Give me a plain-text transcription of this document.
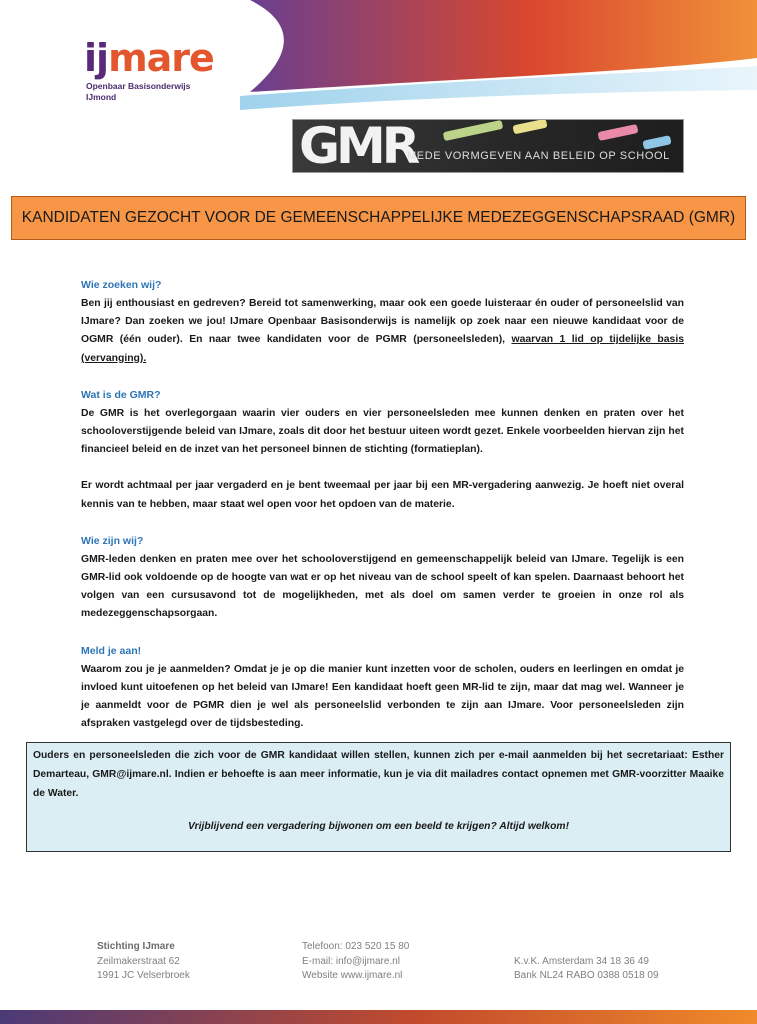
ijmare
Openbaar Basisonderwijs
IJmond
GMR
MEDE VORMGEVEN AAN BELEID OP SCHOOL
KANDIDATEN GEZOCHT VOOR DE GEMEENSCHAPPELIJKE MEDEZEGGENSCHAPSRAAD (GMR)
Wie zoeken wij?
Ben jij enthousiast en gedreven? Bereid tot samenwerking, maar ook een goede luisteraar én ouder of personeelslid van IJmare? Dan zoeken we jou! IJmare Openbaar Basisonderwijs is namelijk op zoek naar een nieuwe kandidaat voor de OGMR (één ouder). En naar twee kandidaten voor de PGMR (personeelsleden), waarvan 1 lid op tijdelijke basis (vervanging).
Wat is de GMR?
De GMR is het overlegorgaan waarin vier ouders en vier personeelsleden mee kunnen denken en praten over het schooloverstijgende beleid van IJmare, zoals dit door het bestuur uiteen wordt gezet. Enkele voorbeelden hiervan zijn het financieel beleid en de inzet van het personeel binnen de stichting (formatieplan).
Er wordt achtmaal per jaar vergaderd en je bent tweemaal per jaar bij een MR-vergadering aanwezig. Je hoeft niet overal kennis van te hebben, maar staat wel open voor het opdoen van de materie.
Wie zijn wij?
GMR-leden denken en praten mee over het schooloverstijgend en gemeenschappelijk beleid van IJmare. Tegelijk is een GMR-lid ook voldoende op de hoogte van wat er op het niveau van de school speelt of kan spelen. Daarnaast behoort het volgen van een cursusavond tot de mogelijkheden, met als doel om samen verder te groeien in onze rol als medezeggenschapsorgaan.
Meld je aan!
Waarom zou je je aanmelden? Omdat je je op die manier kunt inzetten voor de scholen, ouders en leerlingen en omdat je invloed kunt uitoefenen op het beleid van IJmare! Een kandidaat hoeft geen MR-lid te zijn, maar dat mag wel. Wanneer je je aanmeldt voor de PGMR dien je wel als personeelslid verbonden te zijn aan IJmare. Voor personeelsleden zijn afspraken vastgelegd over de tijdsbesteding.
Ouders en personeelsleden die zich voor de GMR kandidaat willen stellen, kunnen zich per e-mail aanmelden bij het secretariaat: Esther Demarteau, GMR@ijmare.nl. Indien er behoefte is aan meer informatie, kun je via dit mailadres contact opnemen met GMR-voorzitter Maaike de Water.
Vrijblijvend een vergadering bijwonen om een beeld te krijgen? Altijd welkom!
Stichting IJmare
Zeilmakerstraat 62
1991 JC Velserbroek
Telefoon: 023 520 15 80
E-mail: info@ijmare.nl
Website www.ijmare.nl

K.v.K. Amsterdam 34 18 36 49
Bank NL24 RABO 0388 0518 09
